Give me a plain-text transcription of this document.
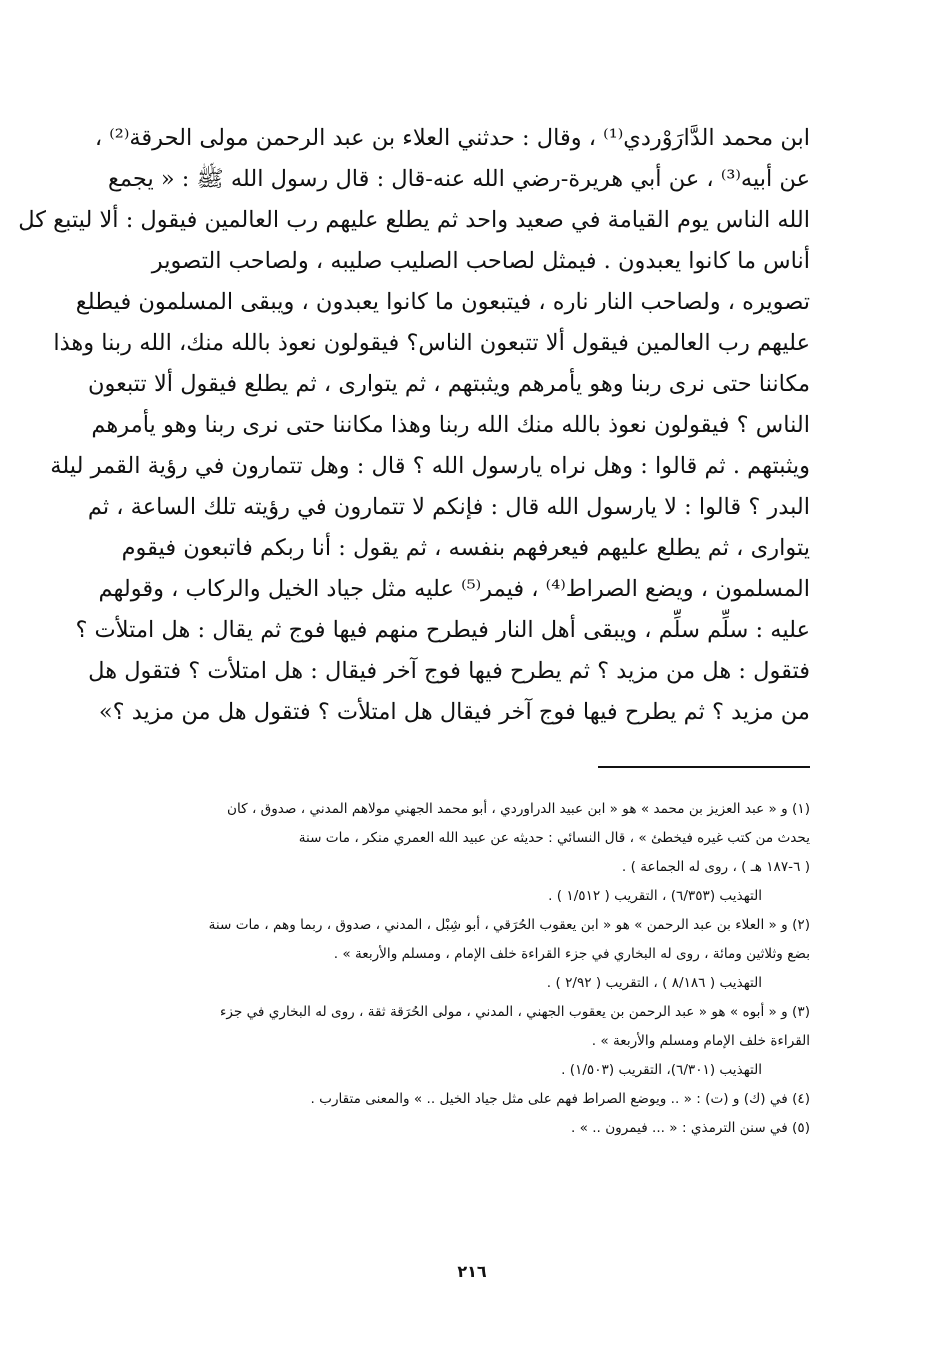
ابن محمد الدَّارَوْردي⁽¹⁾ ، وقال : حدثني العلاء بن عبد الرحمن مولى الحرقة⁽²⁾ ،
عن أبيه⁽³⁾ ، عن أبي هريرة-رضي الله عنه-قال : قال رسول الله ﷺ : « يجمع
الله الناس يوم القيامة في صعيد واحد ثم يطلع عليهم رب العالمين فيقول : ألا ليتبع كل
أناس ما كانوا يعبدون . فيمثل لصاحب الصليب صليبه ، ولصاحب التصوير
تصويره ، ولصاحب النار ناره ، فيتبعون ما كانوا يعبدون ، ويبقى المسلمون فيطلع
عليهم رب العالمين فيقول ألا تتبعون الناس؟ فيقولون نعوذ بالله منك، الله ربنا وهذا
مكاننا حتى نرى ربنا وهو يأمرهم ويثبتهم ، ثم يتوارى ، ثم يطلع فيقول ألا تتبعون
الناس ؟ فيقولون نعوذ بالله منك الله ربنا وهذا مكاننا حتى نرى ربنا وهو يأمرهم
ويثبتهم . ثم قالوا : وهل نراه يارسول الله ؟ قال : وهل تتمارون في رؤية القمر ليلة
البدر ؟ قالوا : لا يارسول الله قال : فإنكم لا تتمارون في رؤيته تلك الساعة ، ثم
يتوارى ، ثم يطلع عليهم فيعرفهم بنفسه ، ثم يقول : أنا ربكم فاتبعون فيقوم
المسلمون ، ويضع الصراط⁽⁴⁾ ، فيمر⁽⁵⁾ عليه مثل جياد الخيل والركاب ، وقولهم
عليه : سلِّم سلِّم ، ويبقى أهل النار فيطرح منهم فيها فوج ثم يقال : هل امتلأت ؟
فتقول : هل من مزيد ؟ ثم يطرح فيها فوج آخر فيقال : هل امتلأت ؟ فتقول هل
من مزيد ؟ ثم يطرح فيها فوج آخر فيقال هل امتلأت ؟ فتقول هل من مزيد ؟»
(١) و « عبد العزيز بن محمد » هو « ابن عبيد الدراوردي ، أبو محمد الجهني مولاهم المدني ، صدوق ، كان
يحدث من كتب غيره فيخطئ » ، قال النسائي : حديثه عن عبيد الله العمري منكر ، مات سنة
( ٦-١٨٧ هـ ) ، روى له الجماعة ) .
التهذيب (٦/٣٥٣) ، التقريب ( ١/٥١٢ ) .
(٢) و « العلاء بن عبد الرحمن » هو « ابن يعقوب الحُرَقي ، أبو شِبْل ، المدني ، صدوق ، ربما وهم ، مات سنة
بضع وثلاثين ومائة ، روى له البخاري في جزء القراءة خلف الإمام ، ومسلم والأربعة » .
التهذيب ( ٨/١٨٦ ) ، التقريب ( ٢/٩٢ ) .
(٣) و « أبوه » هو « عبد الرحمن بن يعقوب الجهني ، المدني ، مولى الحُرَقة ثقة ، روى له البخاري في جزء
القراءة خلف الإمام ومسلم والأربعة » .
التهذيب (٦/٣٠١)، التقريب (١/٥٠٣) .
(٤) في (ك) و (ت) : « .. ويوضع الصراط فهم على مثل جياد الخيل .. » والمعنى متقارب .
(٥) في سنن الترمذي : « ... فيمرون .. » .
٢١٦
